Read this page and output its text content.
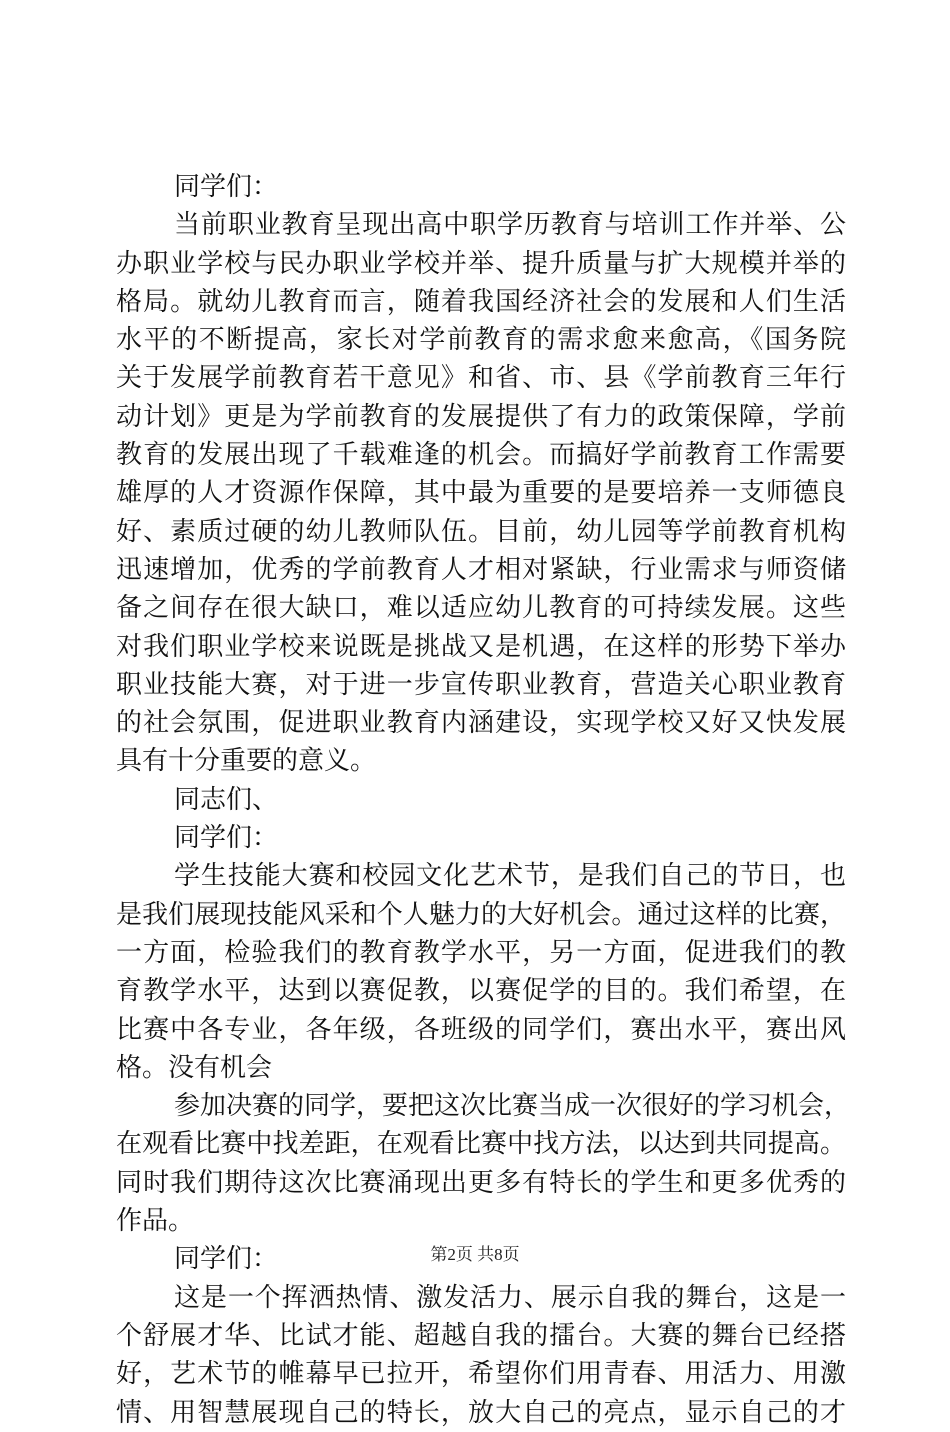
同学们：
当前职业教育呈现出高中职学历教育与培训工作并举、公
办职业学校与民办职业学校并举、提升质量与扩大规模并举的
格局。就幼儿教育而言，随着我国经济社会的发展和人们生活
水平的不断提高，家长对学前教育的需求愈来愈高，《国务院
关于发展学前教育若干意见》和省、市、县《学前教育三年行
动计划》更是为学前教育的发展提供了有力的政策保障，学前
教育的发展出现了千载难逢的机会。而搞好学前教育工作需要
雄厚的人才资源作保障，其中最为重要的是要培养一支师德良
好、素质过硬的幼儿教师队伍。目前，幼儿园等学前教育机构
迅速增加，优秀的学前教育人才相对紧缺，行业需求与师资储
备之间存在很大缺口，难以适应幼儿教育的可持续发展。这些
对我们职业学校来说既是挑战又是机遇，在这样的形势下举办
职业技能大赛，对于进一步宣传职业教育，营造关心职业教育
的社会氛围，促进职业教育内涵建设，实现学校又好又快发展
具有十分重要的意义。
同志们、
同学们：
学生技能大赛和校园文化艺术节，是我们自己的节日，也
是我们展现技能风采和个人魅力的大好机会。通过这样的比赛，
一方面，检验我们的教育教学水平，另一方面，促进我们的教
育教学水平，达到以赛促教，以赛促学的目的。我们希望，在
比赛中各专业，各年级，各班级的同学们，赛出水平，赛出风
格。没有机会
参加决赛的同学，要把这次比赛当成一次很好的学习机会，
在观看比赛中找差距，在观看比赛中找方法，以达到共同提高。
同时我们期待这次比赛涌现出更多有特长的学生和更多优秀的
作品。
同学们：
这是一个挥洒热情、激发活力、展示自我的舞台，这是一
个舒展才华、比试才能、超越自我的擂台。大赛的舞台已经搭
好，艺术节的帷幕早已拉开，希望你们用青春、用活力、用激
情、用智慧展现自己的特长，放大自己的亮点，显示自己的才
第2页 共8页
